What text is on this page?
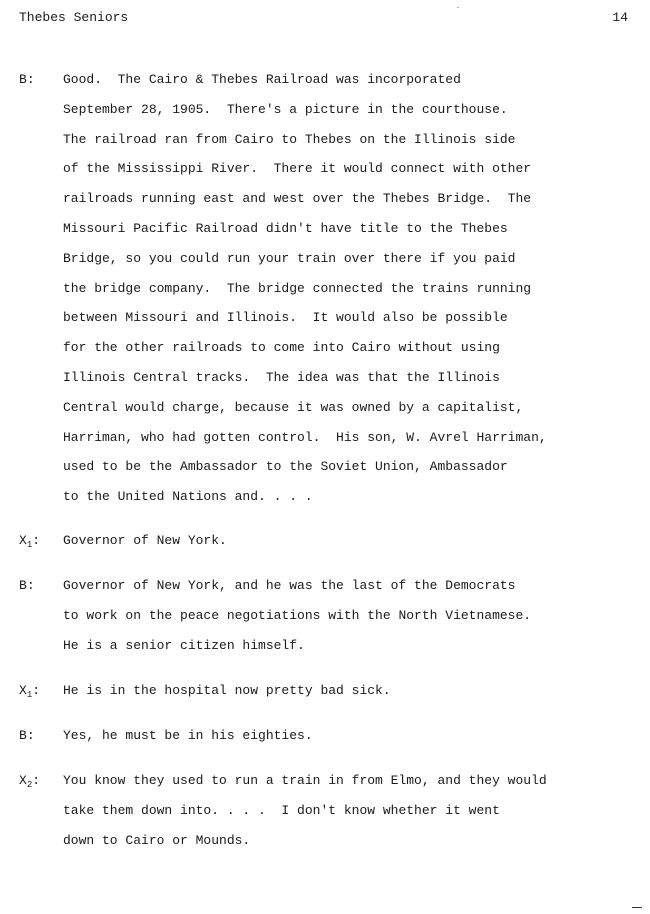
Thebes Seniors	14
B:	Good.  The Cairo & Thebes Railroad was incorporated
September 28, 1905.  There's a picture in the courthouse.
The railroad ran from Cairo to Thebes on the Illinois side
of the Mississippi River.  There it would connect with other
railroads running east and west over the Thebes Bridge.  The
Missouri Pacific Railroad didn't have title to the Thebes
Bridge, so you could run your train over there if you paid
the bridge company.  The bridge connected the trains running
between Missouri and Illinois.  It would also be possible
for the other railroads to come into Cairo without using
Illinois Central tracks.  The idea was that the Illinois
Central would charge, because it was owned by a capitalist,
Harriman, who had gotten control.  His son, W. Avrel Harriman,
used to be the Ambassador to the Soviet Union, Ambassador
to the United Nations and. . . .
$X_1$:	Governor of New York.
B:	Governor of New York, and he was the last of the Democrats
to work on the peace negotiations with the North Vietnamese.
He is a senior citizen himself.
$X_1$:	He is in the hospital now pretty bad sick.
B:	Yes, he must be in his eighties.
$X_2$:	You know they used to run a train in from Elmo, and they would
take them down into. . . .  I don't know whether it went
down to Cairo or Mounds.
